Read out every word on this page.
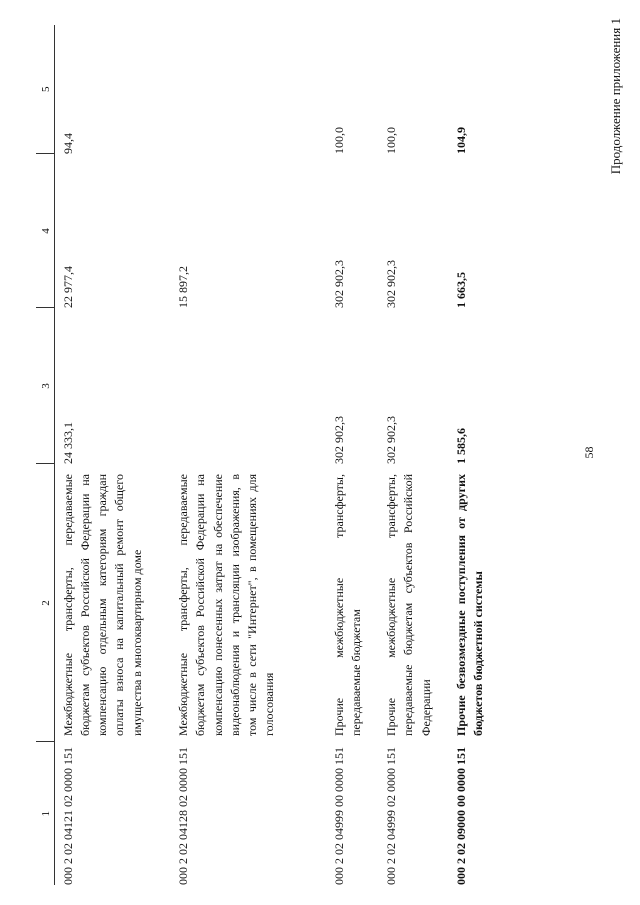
58
Продолжение приложения 1
1	2	3	4	5
000 2 02 04121 02 0000 151	Межбюджетные трансферты, передаваемые бюджетам субъектов Российской Федерации на компенсацию отдельным категориям граждан оплаты взноса на капитальный ремонт общего имущества в многоквартирном доме	24 333,1	22 977,4	94,4
000 2 02 04128 02 0000 151	Межбюджетные трансферты, передаваемые бюджетам субъектов Российской Федерации на компенсацию понесенных затрат на обеспечение видеонаблюдения и трансляции изображения, в том числе в сети "Интернет", в помещениях для голосования		15 897,2	
000 2 02 04999 00 0000 151	Прочие межбюджетные трансферты, передаваемые бюджетам	302 902,3	302 902,3	100,0
000 2 02 04999 02 0000 151	Прочие межбюджетные трансферты, передаваемые бюджетам субъектов Российской Федерации	302 902,3	302 902,3	100,0
000 2 02 09000 00 0000 151	Прочие безвозмездные поступления от других бюджетов бюджетной системы	1 585,6	1 663,5	104,9
